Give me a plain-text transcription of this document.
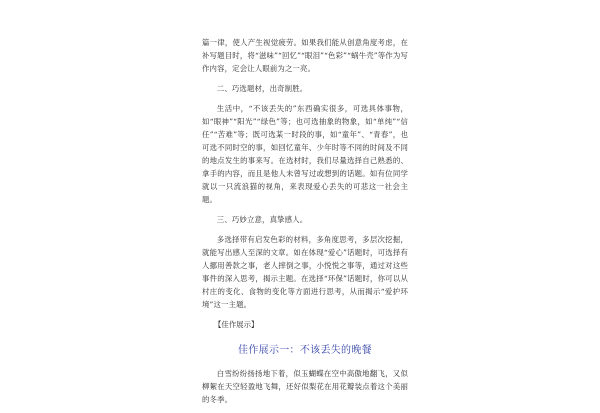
篇一律，使人产生视觉疲劳。如果我们能从创意角度考虑，在补写题目时，将“滋味”“回忆”“眼泪”“色彩”“蜗牛壳”等作为写作内容，定会让人眼前为之一亮。

二、巧选题材，出奇制胜。

生活中，“不该丢失的”东西确实很多，可选具体事物，如“眼神”“阳光”“绿色”等；也可选抽象的物象，如“单纯”“信任”“苦难”等；既可选某一时段的事，如“童年”、“青春”，也可选不同时空的事，如回忆童年、少年时等不同的时间及不同的地点发生的事来写。在选材时，我们尽量选择自己熟悉的、拿手的内容，而且是他人未曾写过或想到的话题。如有位同学就以一只流浪猫的视角，来表现爱心丢失的可悲这一社会主题。

三、巧妙立意，真挚感人。

多选择带有启发色彩的材料，多角度思考，多层次挖掘，就能写出感人至深的文章。如在体现“爱心”话题时，可选择有人挪用善款之事，老人摔倒之事，小悦悦之事等，通过对这些事件的深入思考，揭示主题。在选择“环保”话题时，你可以从村庄的变化、食物的变化等方面进行思考，从而揭示“爱护环境”这一主题。

【佳作展示】

佳作展示一：不该丢失的晚餐

白雪纷纷扬扬地下着，似玉蝴蝶在空中高傲地翻飞，又似柳絮在天空轻盈地飞舞，还好似梨花在用花瓣装点着这个美丽的冬季。
